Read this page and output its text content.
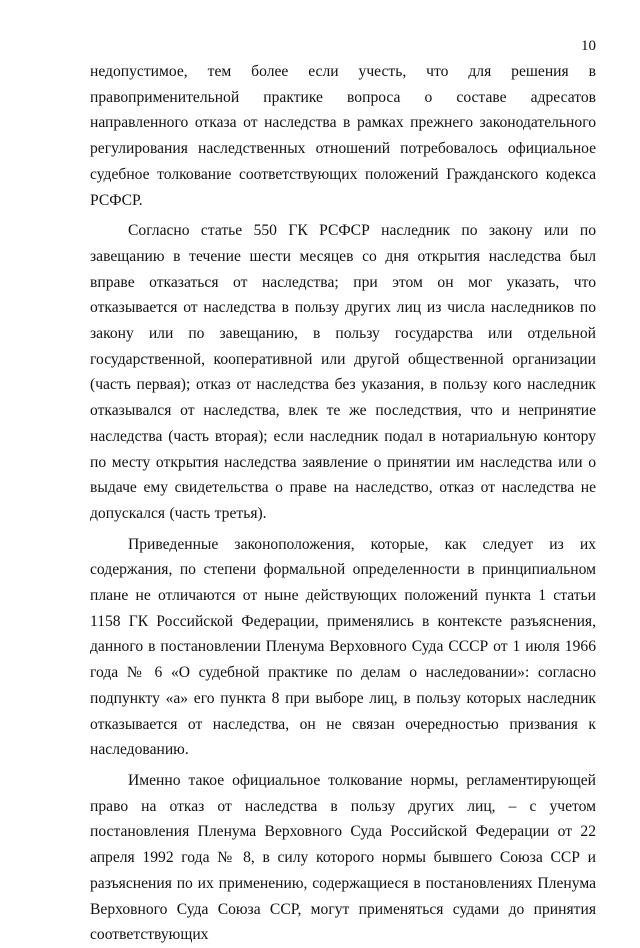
10

недопустимое, тем более если учесть, что для решения в правоприменительной практике вопроса о составе адресатов направленного отказа от наследства в рамках прежнего законодательного регулирования наследственных отношений потребовалось официальное судебное толкование соответствующих положений Гражданского кодекса РСФСР.

Согласно статье 550 ГК РСФСР наследник по закону или по завещанию в течение шести месяцев со дня открытия наследства был вправе отказаться от наследства; при этом он мог указать, что отказывается от наследства в пользу других лиц из числа наследников по закону или по завещанию, в пользу государства или отдельной государственной, кооперативной или другой общественной организации (часть первая); отказ от наследства без указания, в пользу кого наследник отказывался от наследства, влек те же последствия, что и непринятие наследства (часть вторая); если наследник подал в нотариальную контору по месту открытия наследства заявление о принятии им наследства или о выдаче ему свидетельства о праве на наследство, отказ от наследства не допускался (часть третья).

Приведенные законоположения, которые, как следует из их содержания, по степени формальной определенности в принципиальном плане не отличаются от ныне действующих положений пункта 1 статьи 1158 ГК Российской Федерации, применялись в контексте разъяснения, данного в постановлении Пленума Верховного Суда СССР от 1 июля 1966 года № 6 «О судебной практике по делам о наследовании»: согласно подпункту «а» его пункта 8 при выборе лиц, в пользу которых наследник отказывается от наследства, он не связан очередностью призвания к наследованию.

Именно такое официальное толкование нормы, регламентирующей право на отказ от наследства в пользу других лиц, – с учетом постановления Пленума Верховного Суда Российской Федерации от 22 апреля 1992 года № 8, в силу которого нормы бывшего Союза ССР и разъяснения по их применению, содержащиеся в постановлениях Пленума Верховного Суда Союза ССР, могут применяться судами до принятия соответствующих
